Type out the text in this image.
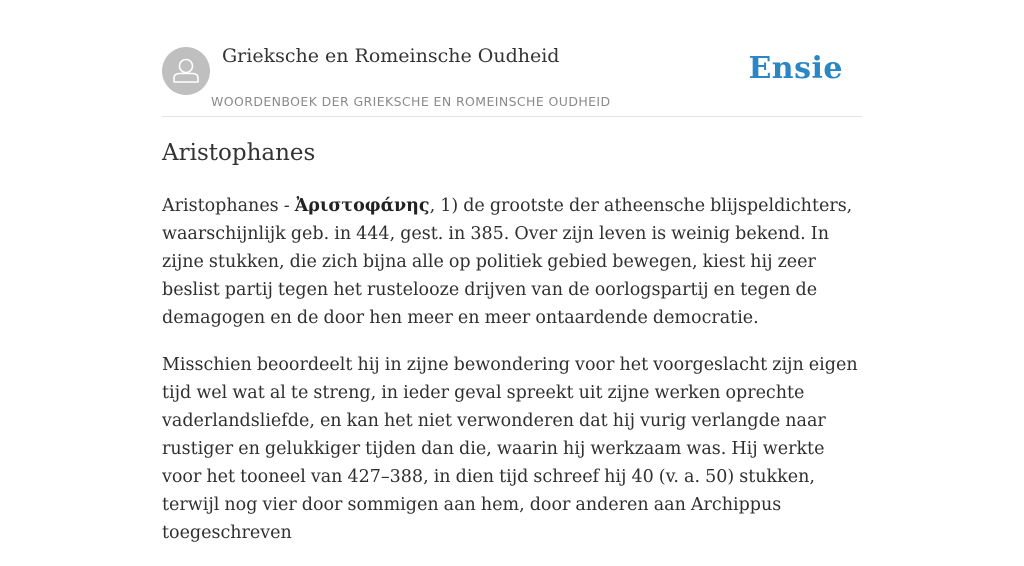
Grieksche en Romeinsche Oudheid
WOORDENBOEK DER GRIEKSCHE EN ROMEINSCHE OUDHEID
Ensie
Aristophanes

Aristophanes - Ἀριστοφάνης, 1) de grootste der atheensche blijspeldichters, waarschijnlijk geb. in 444, gest. in 385. Over zijn leven is weinig bekend. In zijne stukken, die zich bijna alle op politiek gebied bewegen, kiest hij zeer beslist partij tegen het rustelooze drijven van de oorlogspartij en tegen de demagogen en de door hen meer en meer ontaardende democratie.

Misschien beoordeelt hij in zijne bewondering voor het voorgeslacht zijn eigen tijd wel wat al te streng, in ieder geval spreekt uit zijne werken oprechte vaderlandsliefde, en kan het niet verwonderen dat hij vurig verlangde naar rustiger en gelukkiger tijden dan die, waarin hij werkzaam was. Hij werkte voor het tooneel van 427–388, in dien tijd schreef hij 40 (v. a. 50) stukken, terwijl nog vier door sommigen aan hem, door anderen aan Archippus toegeschreven
